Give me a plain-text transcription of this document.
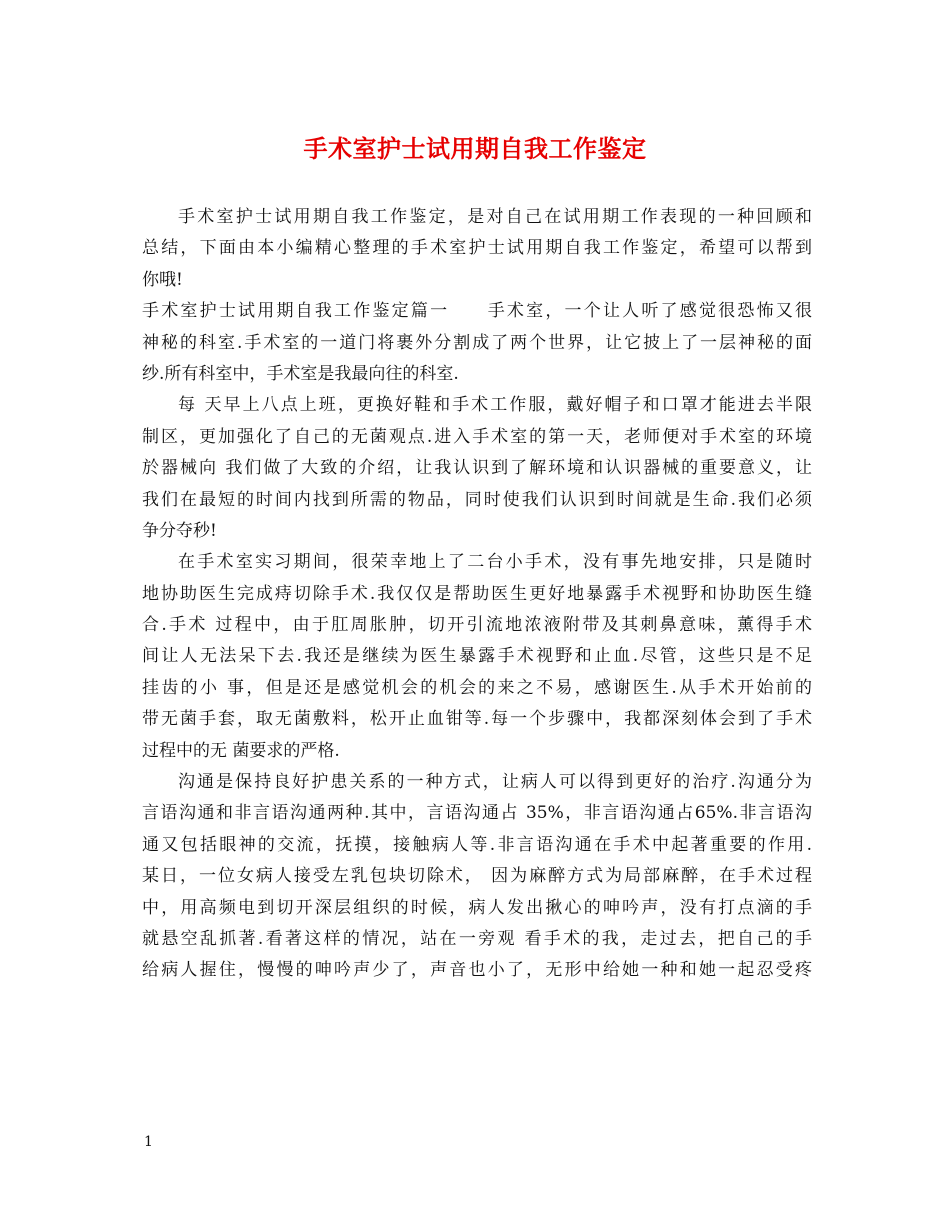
手术室护士试用期自我工作鉴定
手术室护士试用期自我工作鉴定，是对自己在试用期工作表现的一种回顾和
总结，下面由本小编精心整理的手术室护士试用期自我工作鉴定，希望可以帮到
你哦!
手术室护士试用期自我工作鉴定篇一　　手术室，一个让人听了感觉很恐怖又很
神秘的科室.手术室的一道门将裹外分割成了两个世界，让它披上了一层神秘的面
纱.所有科室中，手术室是我最向往的科室.
每 天早上八点上班，更换好鞋和手术工作服，戴好帽子和口罩才能进去半限
制区，更加强化了自己的无菌观点.进入手术室的第一天，老师便对手术室的环境
於器械向 我们做了大致的介绍，让我认识到了解环境和认识器械的重要意义，让
我们在最短的时间内找到所需的物品，同时使我们认识到时间就是生命.我们必须
争分夺秒!
在手术室实习期间，很荣幸地上了二台小手术，没有事先地安排，只是随时
地协助医生完成痔切除手术.我仅仅是帮助医生更好地暴露手术视野和协助医生缝
合.手术 过程中，由于肛周胀肿，切开引流地浓液附带及其刺鼻意味，薰得手术
间让人无法呆下去.我还是继续为医生暴露手术视野和止血.尽管，这些只是不足
挂齿的小 事，但是还是感觉机会的机会的来之不易，感谢医生.从手术开始前的
带无菌手套，取无菌敷料，松开止血钳等.每一个步骤中，我都深刻体会到了手术
过程中的无 菌要求的严格.
沟通是保持良好护患关系的一种方式，让病人可以得到更好的治疗.沟通分为
言语沟通和非言语沟通两种.其中，言语沟通占 35%，非言语沟通占65%.非言语沟
通又包括眼神的交流，抚摸，接触病人等.非言语沟通在手术中起著重要的作用.
某日，一位女病人接受左乳包块切除术， 因为麻醉方式为局部麻醉，在手术过程
中，用高频电到切开深层组织的时候，病人发出揪心的呻吟声，没有打点滴的手
就悬空乱抓著.看著这样的情况，站在一旁观 看手术的我，走过去，把自己的手
给病人握住，慢慢的呻吟声少了，声音也小了，无形中给她一种和她一起忍受疼
1
